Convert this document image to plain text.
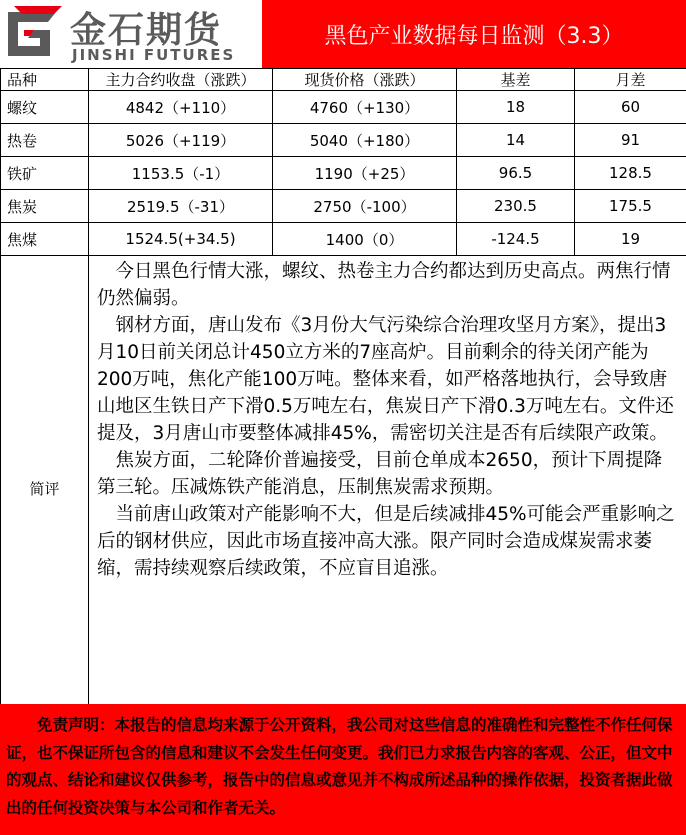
金石期货
JINSHI FUTURES
黑色产业数据每日监测（3.3）
品种	主力合约收盘（涨跌）	现货价格（涨跌）	基差	月差
螺纹	4842（+110）	4760（+130）	18	60
热卷	5026（+119）	5040（+180）	14	91
铁矿	1153.5（-1）	1190（+25）	96.5	128.5
焦炭	2519.5（-31）	2750（-100）	230.5	175.5
焦煤	1524.5(+34.5)	1400（0）	-124.5	19
简评	今日黑色行情大涨，螺纹、热卷主力合约都达到历史高点。两焦行情仍然偏弱。

钢材方面，唐山发布《3月份大气污染综合治理攻坚月方案》，提出3月10日前关闭总计450立方米的7座高炉。目前剩余的待关闭产能为200万吨，焦化产能100万吨。整体来看，如严格落地执行，会导致唐山地区生铁日产下滑0.5万吨左右，焦炭日产下滑0.3万吨左右。文件还提及，3月唐山市要整体减排45%，需密切关注是否有后续限产政策。

焦炭方面，二轮降价普遍接受，目前仓单成本2650，预计下周提降第三轮。压减炼铁产能消息，压制焦炭需求预期。

当前唐山政策对产能影响不大，但是后续减排45%可能会严重影响之后的钢材供应，因此市场直接冲高大涨。限产同时会造成煤炭需求萎缩，需持续观察后续政策，不应盲目追涨。			

免责声明：本报告的信息均来源于公开资料，我公司对这些信息的准确性和完整性不作任何保证，也不保证所包含的信息和建议不会发生任何变更。我们已力求报告内容的客观、公正，但文中的观点、结论和建议仅供参考，报告中的信息或意见并不构成所述品种的操作依据，投资者据此做出的任何投资决策与本公司和作者无关。
